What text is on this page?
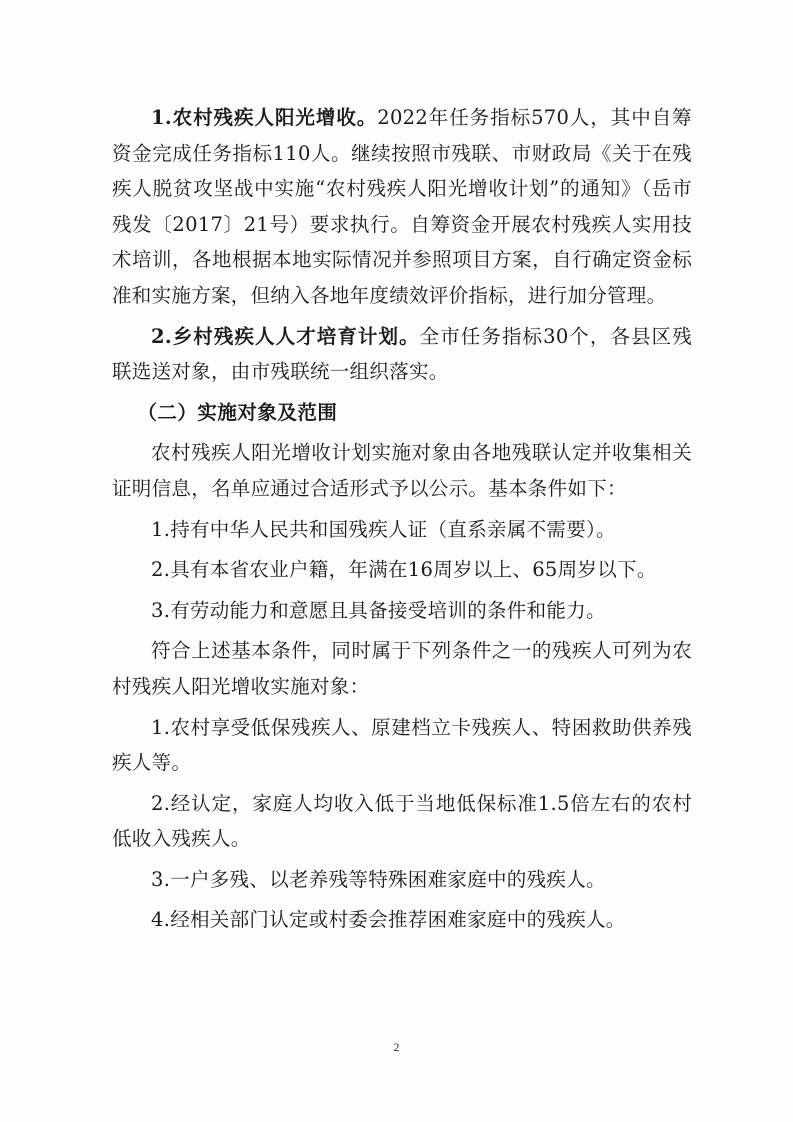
1.农村残疾人阳光增收。2022年任务指标570人，其中自筹资金完成任务指标110人。继续按照市残联、市财政局《关于在残疾人脱贫攻坚战中实施“农村残疾人阳光增收计划”的通知》（岳市残发〔2017〕21号）要求执行。自筹资金开展农村残疾人实用技术培训，各地根据本地实际情况并参照项目方案，自行确定资金标准和实施方案，但纳入各地年度绩效评价指标，进行加分管理。

2.乡村残疾人人才培育计划。全市任务指标30个，各县区残联选送对象，由市残联统一组织落实。

（二）实施对象及范围

农村残疾人阳光增收计划实施对象由各地残联认定并收集相关证明信息，名单应通过合适形式予以公示。基本条件如下：

1.持有中华人民共和国残疾人证（直系亲属不需要）。

2.具有本省农业户籍，年满在16周岁以上、65周岁以下。

3.有劳动能力和意愿且具备接受培训的条件和能力。

符合上述基本条件，同时属于下列条件之一的残疾人可列为农村残疾人阳光增收实施对象：

1.农村享受低保残疾人、原建档立卡残疾人、特困救助供养残疾人等。

2.经认定，家庭人均收入低于当地低保标准1.5倍左右的农村低收入残疾人。

3.一户多残、以老养残等特殊困难家庭中的残疾人。

4.经相关部门认定或村委会推荐困难家庭中的残疾人。

2
